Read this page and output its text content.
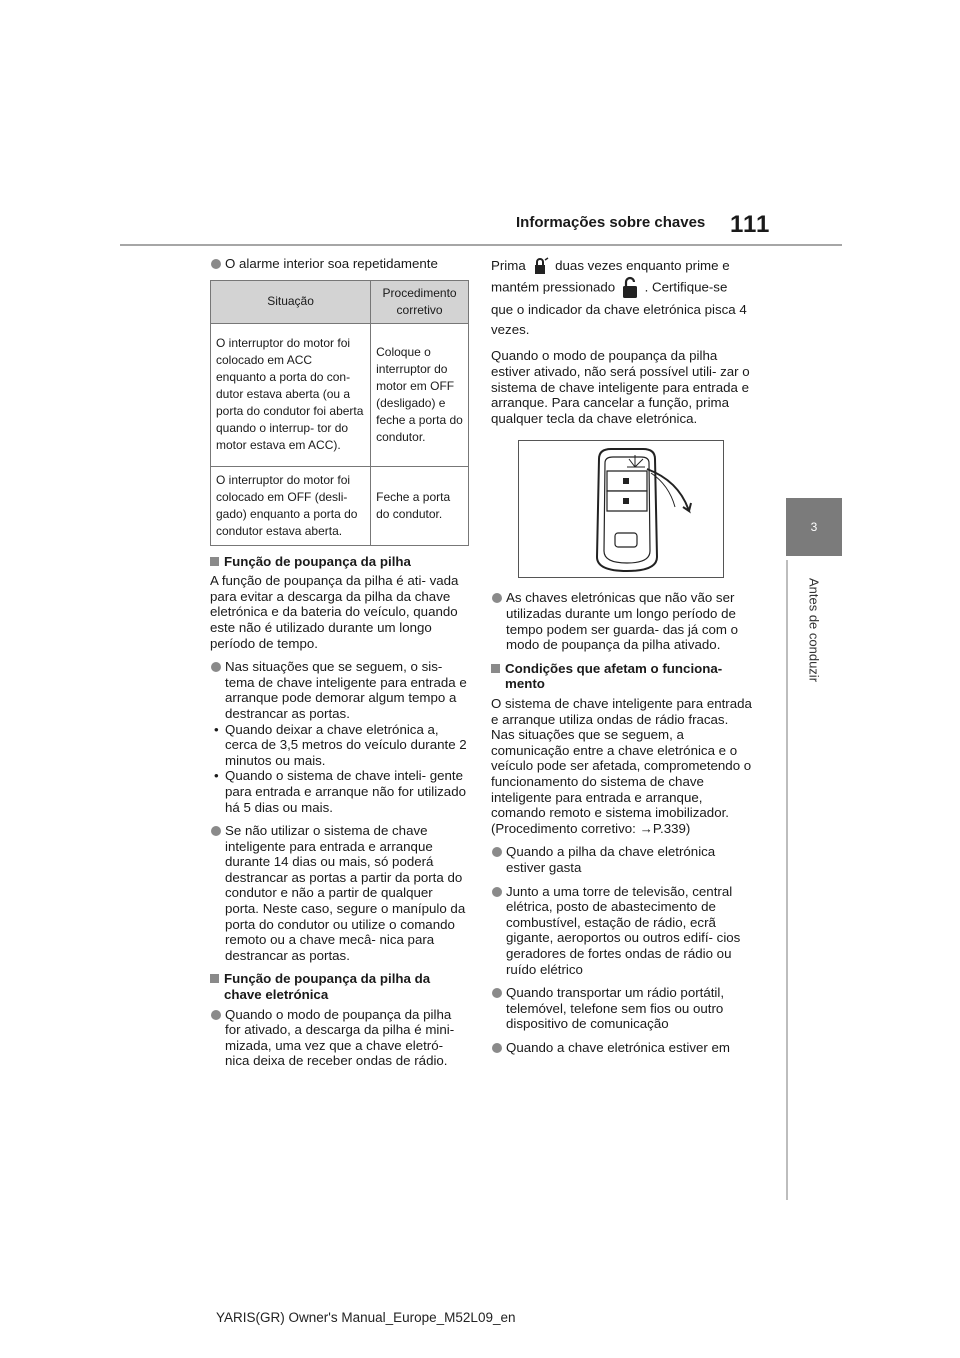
Informações sobre chaves 111
3
Antes de conduzir
O alarme interior soa repetidamente
Situação	Procedimento corretivo
O interruptor do motor foi colocado em ACC enquanto a porta do con- dutor estava aberta (ou a porta do condutor foi aberta quando o interrup- tor do motor estava em ACC).	Coloque o interruptor do motor em OFF (desligado) e feche a porta do condutor.
O interruptor do motor foi colocado em OFF (desli- gado) enquanto a porta do condutor estava aberta.	Feche a porta do condutor.
Função de poupança da pilha

A função de poupança da pilha é ati- vada para evitar a descarga da pilha da chave eletrónica e da bateria do veículo, quando este não é utilizado durante um longo período de tempo.

Nas situações que se seguem, o sis- tema de chave inteligente para entrada e arranque pode demorar algum tempo a destrancar as portas.
• Quando deixar a chave eletrónica a, cerca de 3,5 metros do veículo durante 2 minutos ou mais.
• Quando o sistema de chave inteli- gente para entrada e arranque não for utilizado há 5 dias ou mais.
Se não utilizar o sistema de chave inteligente para entrada e arranque durante 14 dias ou mais, só poderá destrancar as portas a partir da porta do condutor e não a partir de qualquer porta. Neste caso, segure o manípulo da porta do condutor ou utilize o comando remoto ou a chave mecâ- nica para destrancar as portas.
Função de poupança da pilha da chave eletrónica
Quando o modo de poupança da pilha for ativado, a descarga da pilha é mini- mizada, uma vez que a chave eletró- nica deixa de receber ondas de rádio.

Prima duas vezes enquanto prime e mantém pressionado . Certifique-se que o indicador da chave eletrónica pisca 4 vezes.

Quando o modo de poupança da pilha estiver ativado, não será possível utili- zar o sistema de chave inteligente para entrada e arranque. Para cancelar a função, prima qualquer tecla da chave eletrónica.

As chaves eletrónicas que não vão ser utilizadas durante um longo período de tempo podem ser guarda- das já com o modo de poupança da pilha ativado.
Condições que afetam o funciona- mento

O sistema de chave inteligente para entrada e arranque utiliza ondas de rádio fracas. Nas situações que se seguem, a comunicação entre a chave eletrónica e o veículo pode ser afetada, comprometendo o funcionamento do sistema de chave inteligente para entrada e arranque, comando remoto e sistema imobilizador. (Procedimento corretivo: →P.339)

Quando a pilha da chave eletrónica estiver gasta
Junto a uma torre de televisão, central elétrica, posto de abastecimento de combustível, estação de rádio, ecrã gigante, aeroportos ou outros edifí- cios geradores de fortes ondas de rádio ou ruído elétrico
Quando transportar um rádio portátil, telemóvel, telefone sem fios ou outro dispositivo de comunicação
Quando a chave eletrónica estiver em
YARIS(GR) Owner's Manual_Europe_M52L09_en
